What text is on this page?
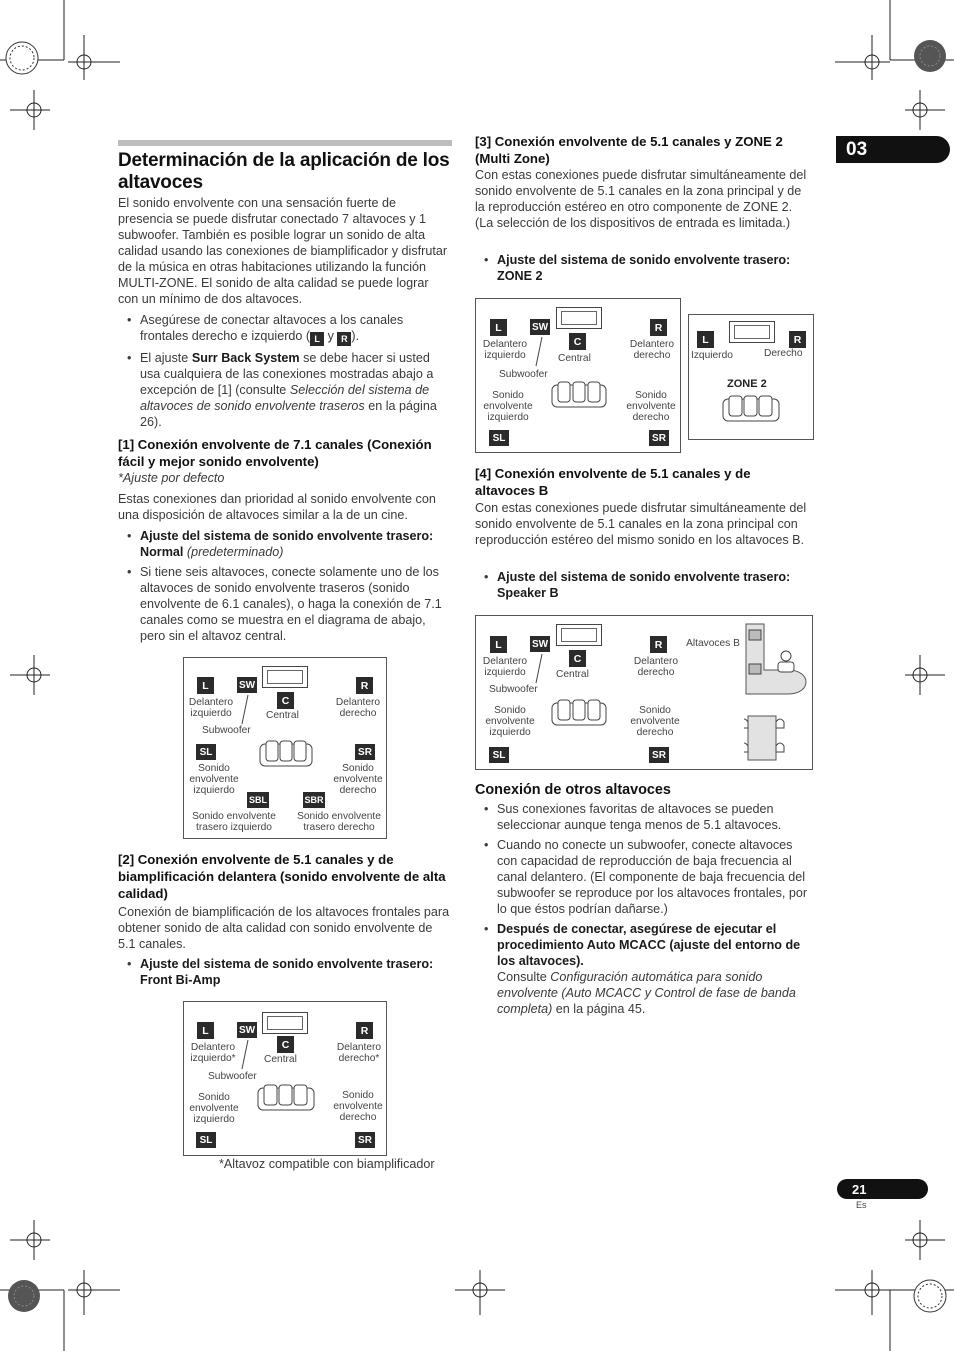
03
21
Es
Determinación de la aplicación de los altavoces
El sonido envolvente con una sensación fuerte de presencia se puede disfrutar conectado 7 altavoces y 1 subwoofer. También es posible lograr un sonido de alta calidad usando las conexiones de biamplificador y disfrutar de la música en otras habitaciones utilizando la función MULTI-ZONE. El sonido de alta calidad se puede lograr con un mínimo de dos altavoces.
• Asegúrese de conectar altavoces a los canales frontales derecho e izquierdo ( L y R ).
• El ajuste Surr Back System se debe hacer si usted usa cualquiera de las conexiones mostradas abajo a excepción de [1] (consulte Selección del sistema de altavoces de sonido envolvente traseros en la página 26).
[1] Conexión envolvente de 7.1 canales (Conexión fácil y mejor sonido envolvente)
*Ajuste por defecto
Estas conexiones dan prioridad al sonido envolvente con una disposición de altavoces similar a la de un cine.
• Ajuste del sistema de sonido envolvente trasero: Normal (predeterminado)
• Si tiene seis altavoces, conecte solamente uno de los altavoces de sonido envolvente traseros (sonido envolvente de 6.1 canales), o haga la conexión de 7.1 canales como se muestra en el diagrama de abajo, pero sin el altavoz central.
L	SW
C
R
Delantero izquierdo	Central
Delantero derecho
Subwoofer
SL	SR
Sonido envolvente izquierdo
Sonido envolvente derecho
SBL	SBR
Sonido envolvente trasero izquierdo
Sonido envolvente trasero derecho
[2] Conexión envolvente de 5.1 canales y de biamplificación delantera (sonido envolvente de alta calidad)
Conexión de biamplificación de los altavoces frontales para obtener sonido de alta calidad con sonido envolvente de 5.1 canales.
• Ajuste del sistema de sonido envolvente trasero: Front Bi-Amp
L	SW
C
R
Delantero izquierdo*	Central
Delantero derecho*
Subwoofer
Sonido envolvente izquierdo
Sonido envolvente derecho
SL	SR
*Altavoz compatible con biamplificador
[3] Conexión envolvente de 5.1 canales y ZONE 2 (Multi Zone)
Con estas conexiones puede disfrutar simultáneamente del sonido envolvente de 5.1 canales en la zona principal y de la reproducción estéreo en otro componente de ZONE 2. (La selección de los dispositivos de entrada es limitada.)
• Ajuste del sistema de sonido envolvente trasero: ZONE 2
L	SW
C
R
Delantero izquierdo	Central
Delantero derecho
Subwoofer
Sonido envolvente izquierdo
Sonido envolvente derecho
SL	SR
L	R
Izquierdo	Derecho
ZONE 2
[4] Conexión envolvente de 5.1 canales y de altavoces B
Con estas conexiones puede disfrutar simultáneamente del sonido envolvente de 5.1 canales en la zona principal con reproducción estéreo del mismo sonido en los altavoces B.
• Ajuste del sistema de sonido envolvente trasero: Speaker B
L	SW
C
R
Delantero izquierdo	Central
Delantero derecho
Subwoofer
Sonido envolvente izquierdo
Sonido envolvente derecho
SL	SR
Altavoces B
Conexión de otros altavoces
• Sus conexiones favoritas de altavoces se pueden seleccionar aunque tenga menos de 5.1 altavoces.
• Cuando no conecte un subwoofer, conecte altavoces con capacidad de reproducción de baja frecuencia al canal delantero. (El componente de baja frecuencia del subwoofer se reproduce por los altavoces frontales, por lo que éstos podrían dañarse.)
• Después de conectar, asegúrese de ejecutar el procedimiento Auto MCACC (ajuste del entorno de los altavoces).
Consulte Configuración automática para sonido envolvente (Auto MCACC y Control de fase de banda completa) en la página 45.
